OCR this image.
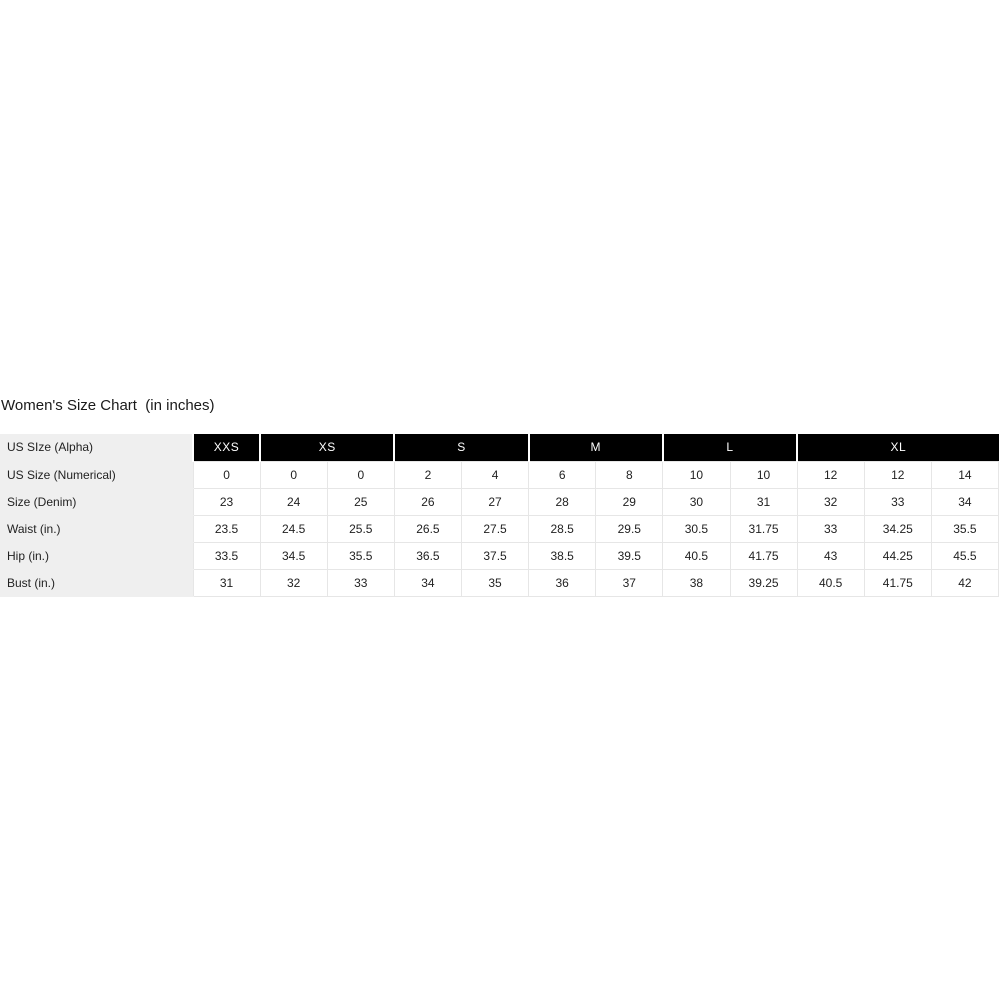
Women's Size Chart  (in inches)
US SIze (Alpha)	XXS	XS		S		M		L		XL		
US Size (Numerical)	0	0	0	2	4	6	8	10	10	12	12	14
Size (Denim)	23	24	25	26	27	28	29	30	31	32	33	34
Waist (in.)	23.5	24.5	25.5	26.5	27.5	28.5	29.5	30.5	31.75	33	34.25	35.5
Hip (in.)	33.5	34.5	35.5	36.5	37.5	38.5	39.5	40.5	41.75	43	44.25	45.5
Bust (in.)	31	32	33	34	35	36	37	38	39.25	40.5	41.75	42
